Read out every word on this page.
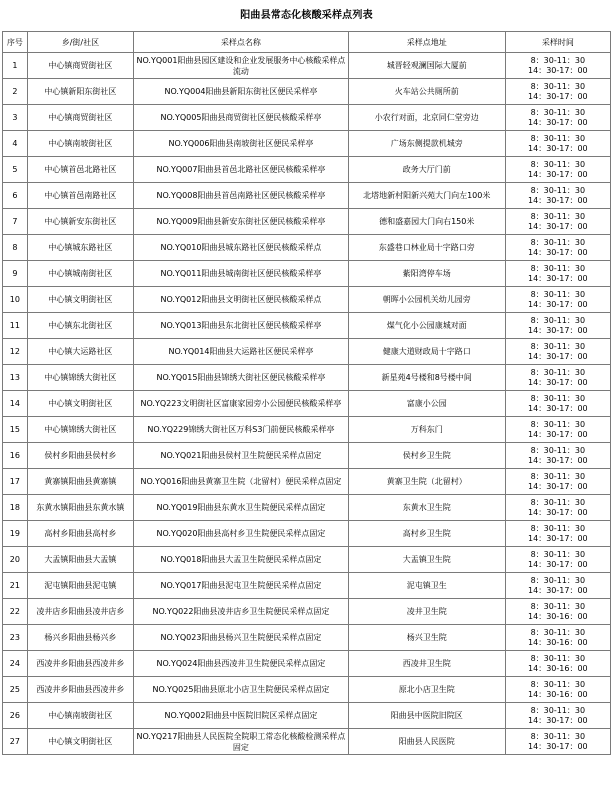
阳曲县常态化核酸采样点列表
序号	乡/街/社区	采样点名称	采样点地址	采样时间
1	中心镇商贸街社区	NO.YQ001阳曲县园区建设和企业发展服务中心核酸采样点流动	城晋轻观澜国际大厦前	8：30-11：30
14：30-17：00

2	中心镇新阳东街社区	NO.YQ004阳曲县新阳东街社区便民采样亭	火车站公共厕所前	8：30-11：30
14：30-17：00

3	中心镇商贸街社区	NO.YQ005阳曲县商贸街社区便民核酸采样亭	小农行对面，北京同仁堂旁边	8：30-11：30
14：30-17：00

4	中心镇南坡街社区	NO.YQ006阳曲县南坡街社区便民采样亭	广场东侧提款机城旁	8：30-11：30
14：30-17：00

5	中心镇首邑北路社区	NO.YQ007阳曲县首邑北路社区便民核酸采样亭	政务大厅门前	8：30-11：30
14：30-17：00

6	中心镇首邑南路社区	NO.YQ008阳曲县首邑南路社区便民核酸采样亭	北塔地新村阳新兴苑大门向左100米	8：30-11：30
14：30-17：00

7	中心镇新安东街社区	NO.YQ009阳曲县新安东街社区便民核酸采样亭	德和盛嘉园大门向右150米	8：30-11：30
14：30-17：00

8	中心镇城东路社区	NO.YQ010阳曲县城东路社区便民核酸采样点	东盛巷口林业局十字路口旁	8：30-11：30
14：30-17：00

9	中心镇城南街社区	NO.YQ011阳曲县城南街社区便民核酸采样亭	紫阳湾停车场	8：30-11：30
14：30-17：00

10	中心镇文明街社区	NO.YQ012阳曲县文明街社区便民核酸采样点	朝晖小公园机关幼儿园旁	8：30-11：30
14：30-17：00

11	中心镇东北街社区	NO.YQ013阳曲县东北街社区便民核酸采样亭	煤气化小公园康城对面	8：30-11：30
14：30-17：00

12	中心镇大运路社区	NO.YQ014阳曲县大运路社区便民采样亭	健康大道财政局十字路口	8：30-11：30
14：30-17：00

13	中心镇锦绣大街社区	NO.YQ015阳曲县锦绣大街社区便民核酸采样亭	新星苑4号楼和8号楼中间	8：30-11：30
14：30-17：00

14	中心镇文明街社区	NO.YQ223文明街社区富康家园旁小公园便民核酸采样亭	富康小公园	8：30-11：30
14：30-17：00

15	中心镇锦绣大街社区	NO.YQ229锦绣大街社区万科S3门前便民核酸采样亭	万科东门	8：30-11：30
14：30-17：00

16	侯村乡阳曲县侯村乡	NO.YQ021阳曲县侯村卫生院便民采样点固定	侯村乡卫生院	8：30-11：30
14：30-17：00

17	黄寨镇阳曲县黄寨镇	NO.YQ016阳曲县黄寨卫生院（北留村）便民采样点固定	黄寨卫生院（北留村）	8：30-11：30
14：30-17：00

18	东黄水镇阳曲县东黄水镇	NO.YQ019阳曲县东黄水卫生院便民采样点固定	东黄水卫生院	8：30-11：30
14：30-17：00

19	高村乡阳曲县高村乡	NO.YQ020阳曲县高村乡卫生院便民采样点固定	高村乡卫生院	8：30-11：30
14：30-17：00

20	大盂镇阳曲县大盂镇	NO.YQ018阳曲县大盂卫生院便民采样点固定	大盂镇卫生院	8：30-11：30
14：30-17：00

21	泥屯镇阳曲县泥屯镇	NO.YQ017阳曲县泥屯卫生院便民采样点固定	泥屯镇卫生	8：30-11：30
14：30-17：00

22	凌井店乡阳曲县凌井店乡	NO.YQ022阳曲县凌井店乡卫生院便民采样点固定	凌井卫生院	8：30-11：30
14：30-16：00

23	杨兴乡阳曲县杨兴乡	NO.YQ023阳曲县杨兴卫生院便民采样点固定	杨兴卫生院	8：30-11：30
14：30-16：00

24	西凌井乡阳曲县西凌井乡	NO.YQ024阳曲县西凌井卫生院便民采样点固定	西凌井卫生院	8：30-11：30
14：30-16：00

25	西凌井乡阳曲县西凌井乡	NO.YQ025阳曲县原北小店卫生院便民采样点固定	原北小店卫生院	8：30-11：30
14：30-16：00

26	中心镇南坡街社区	NO.YQ002阳曲县中医院旧院区采样点固定	阳曲县中医院旧院区	8：30-11：30
14：30-17：00

27	中心镇文明街社区	NO.YQ217阳曲县人民医院全院职工常态化核酸检测采样点固定	阳曲县人民医院	8：30-11：30
14：30-17：00
